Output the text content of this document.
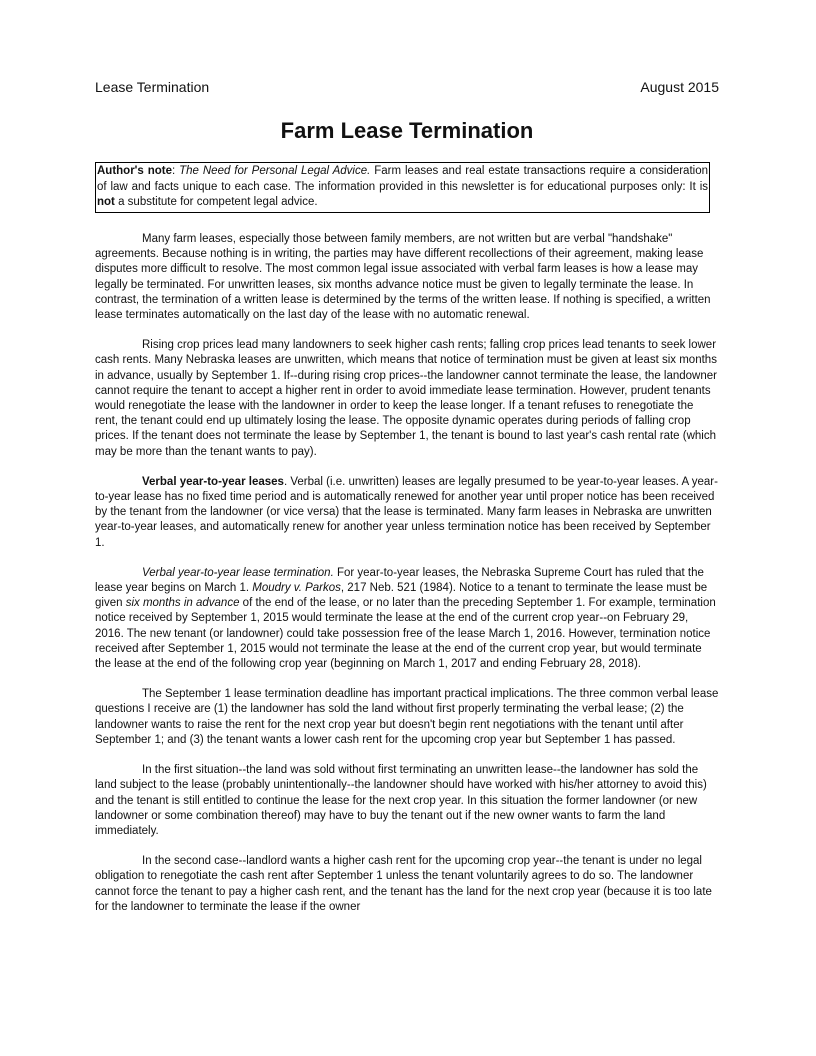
Lease Termination	August 2015
Farm Lease Termination
Author's note: The Need for Personal Legal Advice. Farm leases and real estate transactions require a consideration of law and facts unique to each case. The information provided in this newsletter is for educational purposes only: It is not a substitute for competent legal advice.

Many farm leases, especially those between family members, are not written but are verbal "handshake" agreements. Because nothing is in writing, the parties may have different recollections of their agreement, making lease disputes more difficult to resolve. The most common legal issue associated with verbal farm leases is how a lease may legally be terminated. For unwritten leases, six months advance notice must be given to legally terminate the lease. In contrast, the termination of a written lease is determined by the terms of the written lease. If nothing is specified, a written lease terminates automatically on the last day of the lease with no automatic renewal.

Rising crop prices lead many landowners to seek higher cash rents; falling crop prices lead tenants to seek lower cash rents. Many Nebraska leases are unwritten, which means that notice of termination must be given at least six months in advance, usually by September 1. If--during rising crop prices--the landowner cannot terminate the lease, the landowner cannot require the tenant to accept a higher rent in order to avoid immediate lease termination. However, prudent tenants would renegotiate the lease with the landowner in order to keep the lease longer. If a tenant refuses to renegotiate the rent, the tenant could end up ultimately losing the lease. The opposite dynamic operates during periods of falling crop prices. If the tenant does not terminate the lease by September 1, the tenant is bound to last year's cash rental rate (which may be more than the tenant wants to pay).

Verbal year-to-year leases. Verbal (i.e. unwritten) leases are legally presumed to be year-to-year leases. A year-to-year lease has no fixed time period and is automatically renewed for another year until proper notice has been received by the tenant from the landowner (or vice versa) that the lease is terminated. Many farm leases in Nebraska are unwritten year-to-year leases, and automatically renew for another year unless termination notice has been received by September 1.

Verbal year-to-year lease termination. For year-to-year leases, the Nebraska Supreme Court has ruled that the lease year begins on March 1. Moudry v. Parkos, 217 Neb. 521 (1984). Notice to a tenant to terminate the lease must be given six months in advance of the end of the lease, or no later than the preceding September 1. For example, termination notice received by September 1, 2015 would terminate the lease at the end of the current crop year--on February 29, 2016. The new tenant (or landowner) could take possession free of the lease March 1, 2016. However, termination notice received after September 1, 2015 would not terminate the lease at the end of the current crop year, but would terminate the lease at the end of the following crop year (beginning on March 1, 2017 and ending February 28, 2018).

The September 1 lease termination deadline has important practical implications. The three common verbal lease questions I receive are (1) the landowner has sold the land without first properly terminating the verbal lease; (2) the landowner wants to raise the rent for the next crop year but doesn't begin rent negotiations with the tenant until after September 1; and (3) the tenant wants a lower cash rent for the upcoming crop year but September 1 has passed.

In the first situation--the land was sold without first terminating an unwritten lease--the landowner has sold the land subject to the lease (probably unintentionally--the landowner should have worked with his/her attorney to avoid this) and the tenant is still entitled to continue the lease for the next crop year. In this situation the former landowner (or new landowner or some combination thereof) may have to buy the tenant out if the new owner wants to farm the land immediately.

In the second case--landlord wants a higher cash rent for the upcoming crop year--the tenant is under no legal obligation to renegotiate the cash rent after September 1 unless the tenant voluntarily agrees to do so. The landowner cannot force the tenant to pay a higher cash rent, and the tenant has the land for the next crop year (because it is too late for the landowner to terminate the lease if the owner
